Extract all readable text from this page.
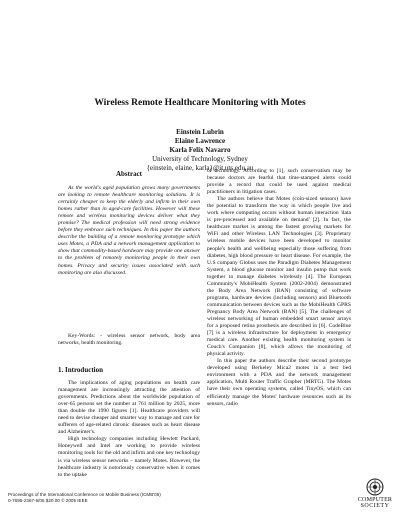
Wireless Remote Healthcare Monitoring with Motes
Einstein Lubrin
Elaine Lawrence
Karla Felix Navarro
University of Technology, Sydney
{einstein, elaine, karla}@it.uts.edu.au
Abstract
As the world's aged population grows many governments are looking to remote healthcare monitoring solutions. It is certainly cheaper to keep the elderly and infirm in their own homes rather than in aged-care facilities. However will these remote and wireless monitoring devices deliver what they promise? The medical profession will need strong evidence before they embrace such techniques. In this paper the authors describe the building of a remote monitoring prototype which uses Motes, a PDA and a network management application to show that commodity-based hardware may provide one answer to the problem of remotely monitoring people in their own homes. Privacy and security issues associated with such monitoring are also discussed.
Key-Words: - wireless sensor network, body area networks, health monitoring.
1. Introduction

The implications of aging populations on health care management are increasingly attracting the attention of governments. Predictions about the worldwide population of over-65 persons set the number at 761 million by 2025, more than double the 1990 figures [1]. Healthcare providers will need to devise cheaper and smarter way to manage and care for sufferers of age-related chronic diseases such as heart disease and Alzheimer's.

High technology companies including Hewlett Packard, Honeywell and Intel are working to provide wireless monitoring tools for the old and infirm and one key technology is via wireless sensor networks – namely Motes. However, the healthcare industry is notoriously conservative when it comes to the uptake

of technology. According to [1], such conservatism may be because doctors are fearful that time-stamped alerts could provide a record that could be used against medical practitioners in litigation cases.

The authors believe that Motes (coin-sized sensors) have the potential to transform the way in which people live and work where computing occurs without human interaction 'data is pre-processed and available on demand' [2]. In fact, the healthcare market is among the fastest growing markets for WiFi and other Wireless LAN Technologies [3]. Proprietary wireless mobile devices have been developed to monitor people's health and wellbeing especially those suffering from diabetes, high blood pressure or heart disease. For example, the U.S company Globus uses the Paradigm Diabetes Management System, a blood glucose monitor and insulin pump that work together to manage diabetes wirelessly [4]. The European Community's MobiHealth System (2002-2004) demonstrated the Body Area Network (BAN) consisting of software programs, hardware devices (including sensors) and Bluetooth communication between devices such as the MobiHealth GPRS Pregnancy Body Area Network (BAN) [5]. The challenges of wireless networking of human embedded smart sensor arrays for a proposed retina prosthesis are described in [6]. CodeBlue [7] is a wireless infrastructure for deployment in emergency medical care. Another existing health monitoring system is Couch's Companion [8], which allows the monitoring of physical activity.

In this paper the authors describe their second prototype developed using Berkeley Mica2 motes in a test bed environment with a PDA and the network management application, Multi Router Traffic Grapher (MRTG). The Motes have their own operating systems, called TinyOS, which can efficiently manage the Motes' hardware resources such as its sensors, radio

Proceedings of the International Conference on Mobile Business (ICMB'05)
0-7695-2367-6/05 $20.00 © 2005 IEEE	COMPUTER
SOCIETY
